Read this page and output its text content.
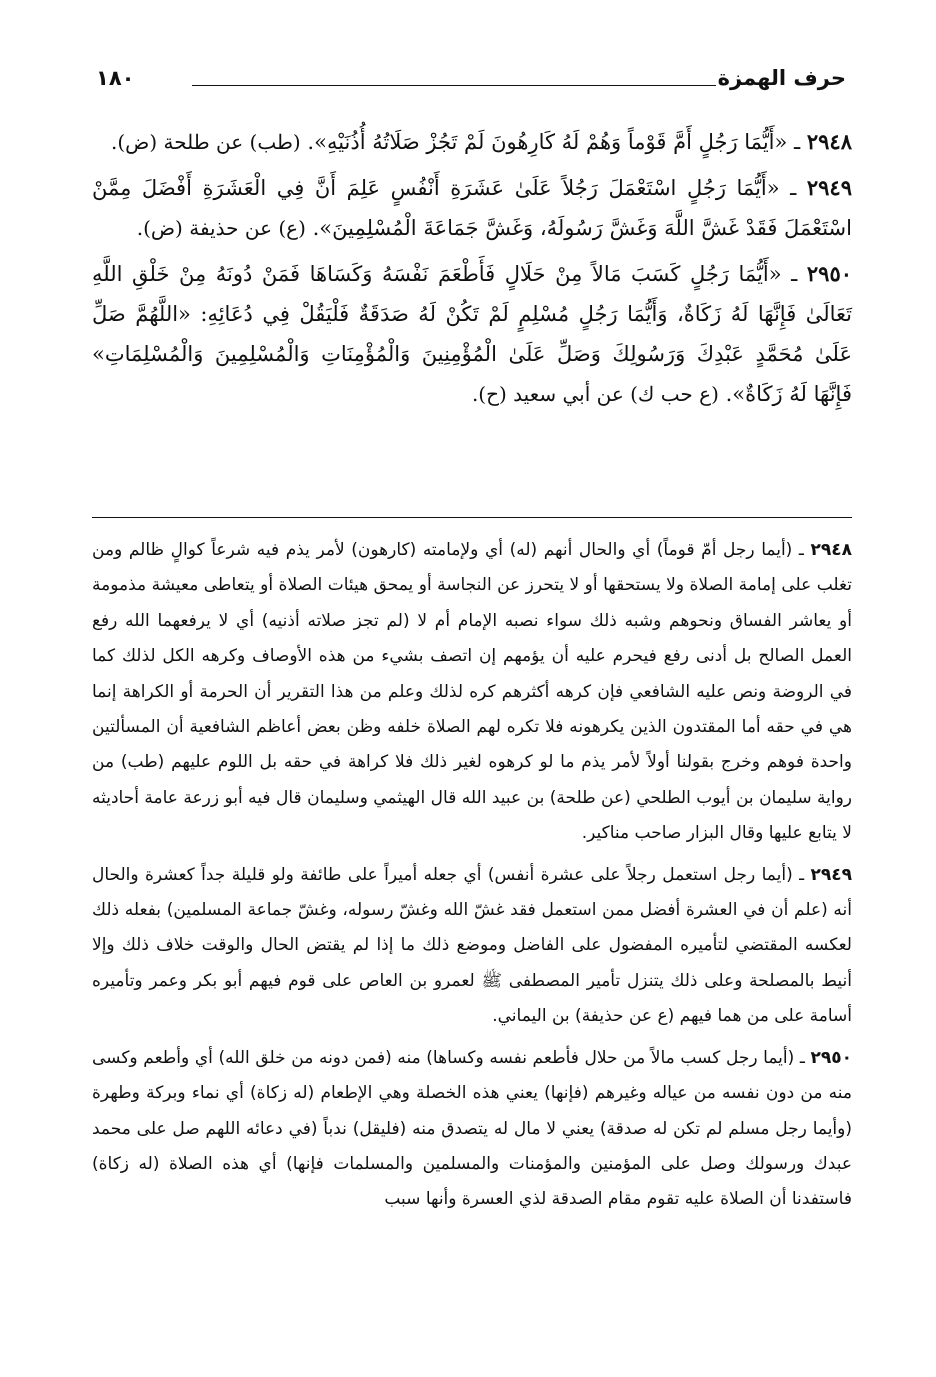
حرف الهمزة
١٨٠

٢٩٤٨ ـ «أَيُّمَا رَجُلٍ أَمَّ قَوْماً وَهُمْ لَهُ كَارِهُونَ لَمْ تَجُزْ صَلَاتُهُ أُذُنَيْهِ». (طب) عن طلحة (ض).

٢٩٤٩ ـ «أَيُّمَا رَجُلٍ اسْتَعْمَلَ رَجُلاً عَلَىٰ عَشَرَةِ أَنْفُسٍ عَلِمَ أَنَّ فِي الْعَشَرَةِ أَفْضَلَ مِمَّنْ اسْتَعْمَلَ فَقَدْ غَشَّ اللَّهَ وَغَشَّ رَسُولَهُ، وَغَشَّ جَمَاعَةَ الْمُسْلِمِينَ». (ع) عن حذيفة (ض).

٢٩٥٠ ـ «أَيُّمَا رَجُلٍ كَسَبَ مَالاً مِنْ حَلَالٍ فَأَطْعَمَ نَفْسَهُ وَكَسَاهَا فَمَنْ دُونَهُ مِنْ خَلْقِ اللَّهِ تَعَالَىٰ فَإِنَّهَا لَهُ زَكَاةٌ، وَأَيُّمَا رَجُلٍ مُسْلِمٍ لَمْ تَكُنْ لَهُ صَدَقَةٌ فَلْيَقُلْ فِي دُعَائِهِ: «اللَّهُمَّ صَلِّ عَلَىٰ مُحَمَّدٍ عَبْدِكَ وَرَسُولِكَ وَصَلِّ عَلَىٰ الْمُؤْمِنِينَ وَالْمُؤْمِنَاتِ وَالْمُسْلِمِينَ وَالْمُسْلِمَاتِ» فَإِنَّهَا لَهُ زَكَاةٌ». (ع حب ك) عن أبي سعيد (ح).

٢٩٤٨ ـ (أيما رجل أمّ قوماً) أي والحال أنهم (له) أي ولإمامته (كارهون) لأمر يذم فيه شرعاً كوالٍ ظالم ومن تغلب على إمامة الصلاة ولا يستحقها أو لا يتحرز عن النجاسة أو يمحق هيئات الصلاة أو يتعاطى معيشة مذمومة أو يعاشر الفساق ونحوهم وشبه ذلك سواء نصبه الإمام أم لا (لم تجز صلاته أذنيه) أي لا يرفعهما الله رفع العمل الصالح بل أدنى رفع فيحرم عليه أن يؤمهم إن اتصف بشيء من هذه الأوصاف وكرهه الكل لذلك كما في الروضة ونص عليه الشافعي فإن كرهه أكثرهم كره لذلك وعلم من هذا التقرير أن الحرمة أو الكراهة إنما هي في حقه أما المقتدون الذين يكرهونه فلا تكره لهم الصلاة خلفه وظن بعض أعاظم الشافعية أن المسألتين واحدة فوهم وخرج بقولنا أولاً لأمر يذم ما لو كرهوه لغير ذلك فلا كراهة في حقه بل اللوم عليهم (طب) من رواية سليمان بن أيوب الطلحي (عن طلحة) بن عبيد الله قال الهيثمي وسليمان قال فيه أبو زرعة عامة أحاديثه لا يتابع عليها وقال البزار صاحب مناكير.

٢٩٤٩ ـ (أيما رجل استعمل رجلاً على عشرة أنفس) أي جعله أميراً على طائفة ولو قليلة جداً كعشرة والحال أنه (علم أن في العشرة أفضل ممن استعمل فقد غشّ الله وغشّ رسوله، وغشّ جماعة المسلمين) بفعله ذلك لعكسه المقتضي لتأميره المفضول على الفاضل وموضع ذلك ما إذا لم يقتض الحال والوقت خلاف ذلك وإلا أنيط بالمصلحة وعلى ذلك يتنزل تأمير المصطفى ﷺ لعمرو بن العاص على قوم فيهم أبو بكر وعمر وتأميره أسامة على من هما فيهم (ع عن حذيفة) بن اليماني.

٢٩٥٠ ـ (أيما رجل كسب مالاً من حلال فأطعم نفسه وكساها) منه (فمن دونه من خلق الله) أي وأطعم وكسى منه من دون نفسه من عياله وغيرهم (فإنها) يعني هذه الخصلة وهي الإطعام (له زكاة) أي نماء وبركة وطهرة (وأيما رجل مسلم لم تكن له صدقة) يعني لا مال له يتصدق منه (فليقل) ندباً (في دعائه اللهم صل على محمد عبدك ورسولك وصل على المؤمنين والمؤمنات والمسلمين والمسلمات فإنها) أي هذه الصلاة (له زكاة) فاستفدنا أن الصلاة عليه تقوم مقام الصدقة لذي العسرة وأنها سبب
